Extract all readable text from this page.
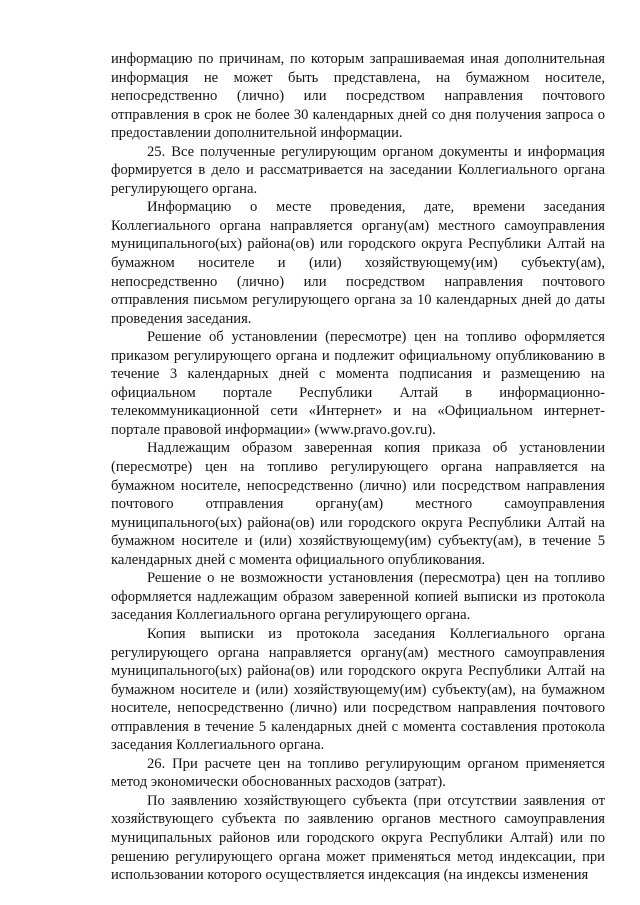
информацию по причинам, по которым запрашиваемая иная дополнительная информация не может быть представлена, на бумажном носителе, непосредственно (лично) или посредством направления почтового отправления в срок не более 30 календарных дней со дня получения запроса о предоставлении дополнительной информации.

25. Все полученные регулирующим органом документы и информация формируется в дело и рассматривается на заседании Коллегиального органа регулирующего органа.

Информацию о месте проведения, дате, времени заседания Коллегиального органа направляется органу(ам) местного самоуправления муниципального(ых) района(ов) или городского округа Республики Алтай на бумажном носителе и (или) хозяйствующему(им) субъекту(ам), непосредственно (лично) или посредством направления почтового отправления письмом регулирующего органа за 10 календарных дней до даты проведения заседания.

Решение об установлении (пересмотре) цен на топливо оформляется приказом регулирующего органа и подлежит официальному опубликованию в течение 3 календарных дней с момента подписания и размещению на официальном портале Республики Алтай в информационно-телекоммуникационной сети «Интернет» и на «Официальном интернет-портале правовой информации» (www.pravo.gov.ru).

Надлежащим образом заверенная копия приказа об установлении (пересмотре) цен на топливо регулирующего органа направляется на бумажном носителе, непосредственно (лично) или посредством направления почтового отправления органу(ам) местного самоуправления муниципального(ых) района(ов) или городского округа Республики Алтай на бумажном носителе и (или) хозяйствующему(им) субъекту(ам), в течение 5 календарных дней с момента официального опубликования.

Решение о не возможности установления (пересмотра) цен на топливо оформляется надлежащим образом заверенной копией выписки из протокола заседания Коллегиального органа регулирующего органа.

Копия выписки из протокола заседания Коллегиального органа регулирующего органа направляется органу(ам) местного самоуправления муниципального(ых) района(ов) или городского округа Республики Алтай на бумажном носителе и (или) хозяйствующему(им) субъекту(ам), на бумажном носителе, непосредственно (лично) или посредством направления почтового отправления в течение 5 календарных дней с момента составления протокола заседания Коллегиального органа.

26. При расчете цен на топливо регулирующим органом применяется метод экономически обоснованных расходов (затрат).

По заявлению хозяйствующего субъекта (при отсутствии заявления от хозяйствующего субъекта по заявлению органов местного самоуправления муниципальных районов или городского округа Республики Алтай) или по решению регулирующего органа может применяться метод индексации, при использовании которого осуществляется индексация (на индексы изменения
